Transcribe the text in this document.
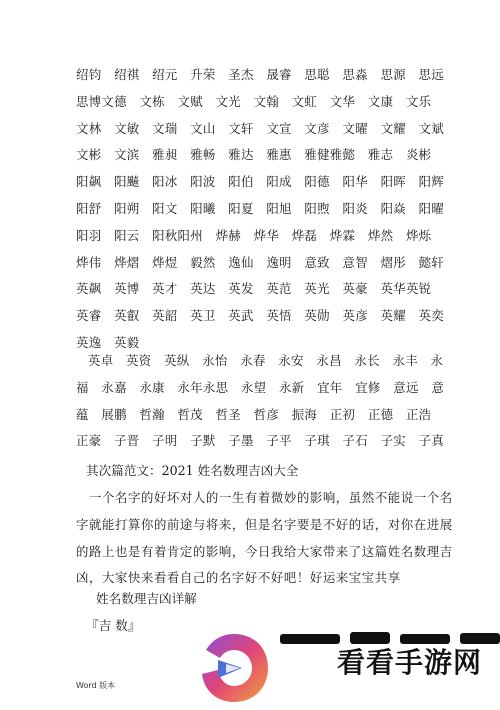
绍钧　绍祺　绍元　升荣　圣杰　晟睿　思聪　思淼　思源　思远
思博文德　文栋　文赋　文光　文翰　文虹　文华　文康　文乐
文林　文敏　文瑞　文山　文轩　文宣　文彦　文曜　文耀　文斌
文彬　文滨　雅昶　雅畅　雅达　雅惠　雅健雅懿　雅志　炎彬
阳飙　阳飇　阳冰　阳波　阳伯　阳成　阳德　阳华　阳晖　阳辉
阳舒　阳朔　阳文　阳曦　阳夏　阳旭　阳煦　阳炎　阳焱　阳曜
阳羽　阳云　阳秋阳州　烨赫　烨华　烨磊　烨霖　烨然　烨烁
烨伟　烨熠　烨煜　毅然　逸仙　逸明　意致　意智　熠彤　懿轩
英飙　英博　英才　英达　英发　英范　英光　英豪　英华英锐
英睿　英叡　英韶　英卫　英武　英悟　英勋　英彦　英耀　英奕
英逸　英毅
英卓　英资　英纵　永怡　永春　永安　永昌　永长　永丰　永
福　永嘉　永康　永年永思　永望　永新　宜年　宜修　意远　意
蕴　展鹏　哲瀚　哲茂　哲圣　哲彦　振海　正初　正德　正浩
正豪　子晋　子明　子默　子墨　子平　子琪　子石　子实　子真
其次篇范文：2021 姓名数理吉凶大全
　一个名字的好坏对人的一生有着微妙的影响，虽然不能说一个名
字就能打算你的前途与将来，但是名字要是不好的话，对你在进展
的路上也是有着肯定的影响，今日我给大家带来了这篇姓名数理吉
凶，大家快来看看自己的名字好不好吧！好运来宝宝共享
姓名数理吉凶详解
『吉 数』
Word 版本
看看手游网
